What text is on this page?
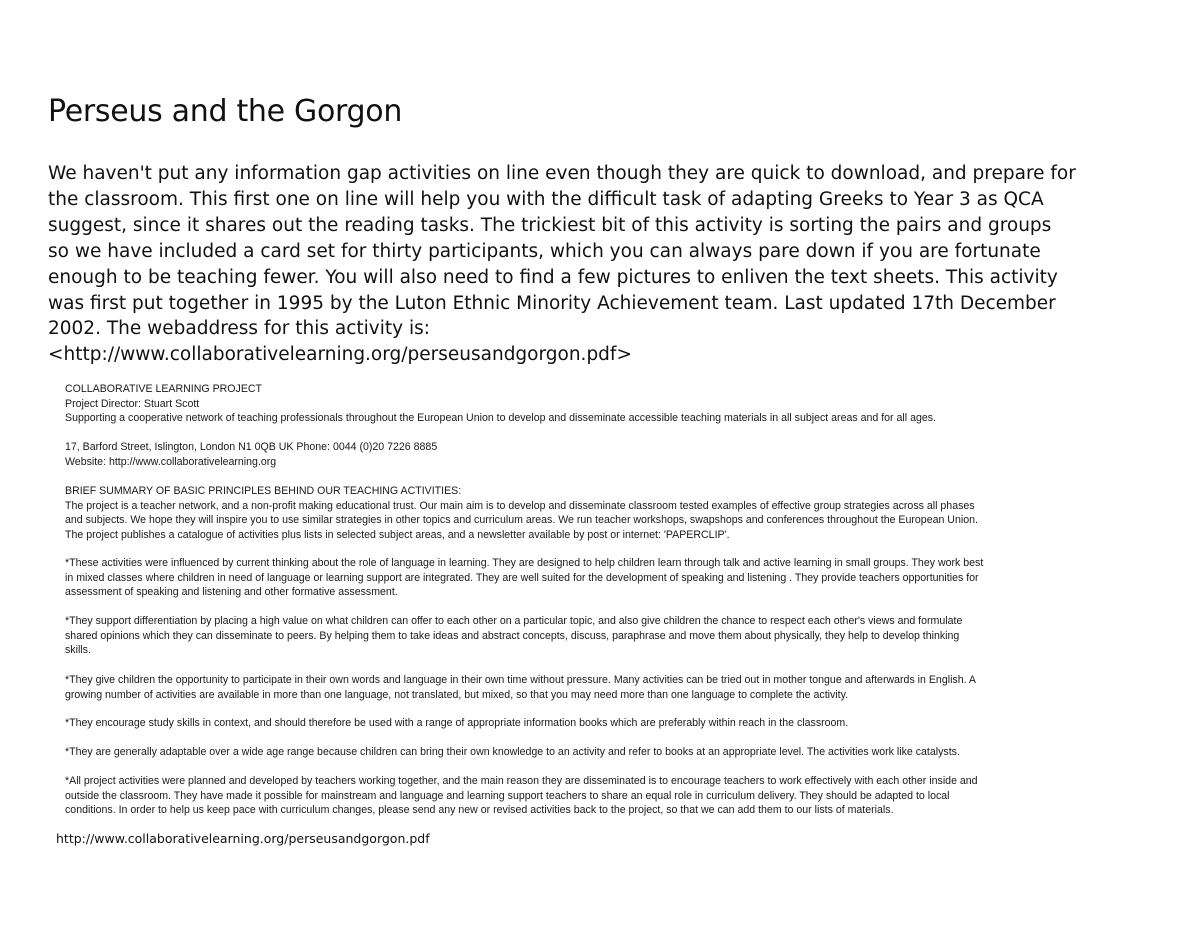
Perseus and the Gorgon
We haven't put any information gap activities on line even though they are quick to download, and prepare for
the classroom. This first one on line will help you with the difficult task of adapting Greeks to Year 3 as QCA
suggest, since it shares out the reading tasks. The trickiest bit of this activity is sorting the pairs and groups
so we have included a card set for thirty participants, which you can always pare down if you are fortunate
enough to be teaching fewer. You will also need to find a few pictures to enliven the text sheets. This activity
was first put together in 1995 by the Luton Ethnic Minority Achievement team. Last updated 17th December
2002. The webaddress for this activity is:
<http://www.collaborativelearning.org/perseusandgorgon.pdf>
COLLABORATIVE LEARNING PROJECT
Project Director: Stuart Scott
Supporting a cooperative network of teaching professionals throughout the European Union to develop and disseminate accessible teaching materials in all subject areas and for all ages.
17, Barford Street, Islington, London N1 0QB UK Phone: 0044 (0)20 7226 8885
Website: http://www.collaborativelearning.org
BRIEF SUMMARY OF BASIC PRINCIPLES BEHIND OUR TEACHING ACTIVITIES:
The project is a teacher network, and a non-profit making educational trust. Our main aim is to develop and disseminate classroom tested examples of effective group strategies across all phases
and subjects. We hope they will inspire you to use similar strategies in other topics and curriculum areas. We run teacher workshops, swapshops and conferences throughout the European Union.
The project publishes a catalogue of activities plus lists in selected subject areas, and a newsletter available by post or internet: 'PAPERCLIP'.
*These activities were influenced by current thinking about the role of language in learning. They are designed to help children learn through talk and active learning in small groups. They work best
in mixed classes where children in need of language or learning support are integrated. They are well suited for the development of speaking and listening . They provide teachers opportunities for
assessment of speaking and listening and other formative assessment.
*They support differentiation by placing a high value on what children can offer to each other on a particular topic, and also give children the chance to respect each other's views and formulate
shared opinions which they can disseminate to peers. By helping them to take ideas and abstract concepts, discuss, paraphrase and move them about physically, they help to develop thinking
skills.
*They give children the opportunity to participate in their own words and language in their own time without pressure. Many activities can be tried out in mother tongue and afterwards in English. A
growing number of activities are available in more than one language, not translated, but mixed, so that you may need more than one language to complete the activity.
*They encourage study skills in context, and should therefore be used with a range of appropriate information books which are preferably within reach in the classroom.
*They are generally adaptable over a wide age range because children can bring their own knowledge to an activity and refer to books at an appropriate level. The activities work like catalysts.
*All project activities were planned and developed by teachers working together, and the main reason they are disseminated is to encourage teachers to work effectively with each other inside and
outside the classroom. They have made it possible for mainstream and language and learning support teachers to share an equal role in curriculum delivery. They should be adapted to local
conditions. In order to help us keep pace with curriculum changes, please send any new or revised activities back to the project, so that we can add them to our lists of materials.
http://www.collaborativelearning.org/perseusandgorgon.pdf
